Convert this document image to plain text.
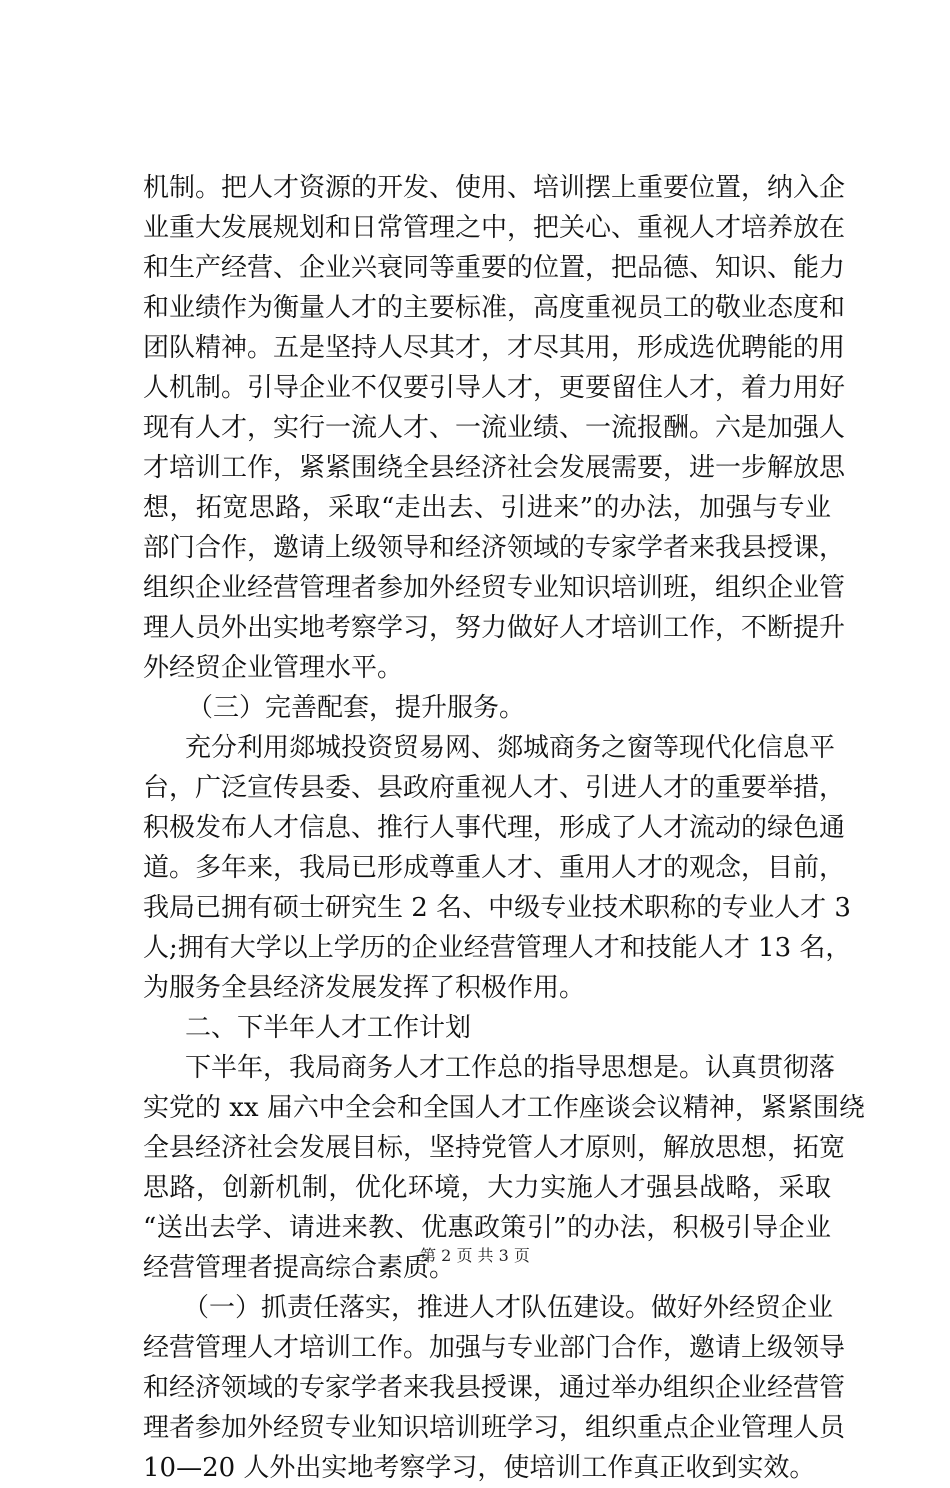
机制。把人才资源的开发、使用、培训摆上重要位置，纳入企
业重大发展规划和日常管理之中，把关心、重视人才培养放在
和生产经营、企业兴衰同等重要的位置，把品德、知识、能力
和业绩作为衡量人才的主要标准，高度重视员工的敬业态度和
团队精神。五是坚持人尽其才，才尽其用，形成选优聘能的用
人机制。引导企业不仅要引导人才，更要留住人才，着力用好
现有人才，实行一流人才、一流业绩、一流报酬。六是加强人
才培训工作，紧紧围绕全县经济社会发展需要，进一步解放思
想，拓宽思路，采取“走出去、引进来”的办法，加强与专业
部门合作，邀请上级领导和经济领域的专家学者来我县授课，
组织企业经营管理者参加外经贸专业知识培训班，组织企业管
理人员外出实地考察学习，努力做好人才培训工作，不断提升
外经贸企业管理水平。
（三）完善配套，提升服务。
充分利用郯城投资贸易网、郯城商务之窗等现代化信息平
台，广泛宣传县委、县政府重视人才、引进人才的重要举措，
积极发布人才信息、推行人事代理，形成了人才流动的绿色通
道。多年来，我局已形成尊重人才、重用人才的观念，目前，
我局已拥有硕士研究生 2 名、中级专业技术职称的专业人才 3
人;拥有大学以上学历的企业经营管理人才和技能人才 13 名，
为服务全县经济发展发挥了积极作用。
二、下半年人才工作计划
下半年，我局商务人才工作总的指导思想是。认真贯彻落
实党的 xx 届六中全会和全国人才工作座谈会议精神，紧紧围绕
全县经济社会发展目标，坚持党管人才原则，解放思想，拓宽
思路，创新机制，优化环境，大力实施人才强县战略，采取
“送出去学、请进来教、优惠政策引”的办法，积极引导企业
经营管理者提高综合素质。
（一）抓责任落实，推进人才队伍建设。做好外经贸企业
经营管理人才培训工作。加强与专业部门合作，邀请上级领导
和经济领域的专家学者来我县授课，通过举办组织企业经营管
理者参加外经贸专业知识培训班学习，组织重点企业管理人员
10—20 人外出实地考察学习，使培训工作真正收到实效。
第 2 页 共 3 页
